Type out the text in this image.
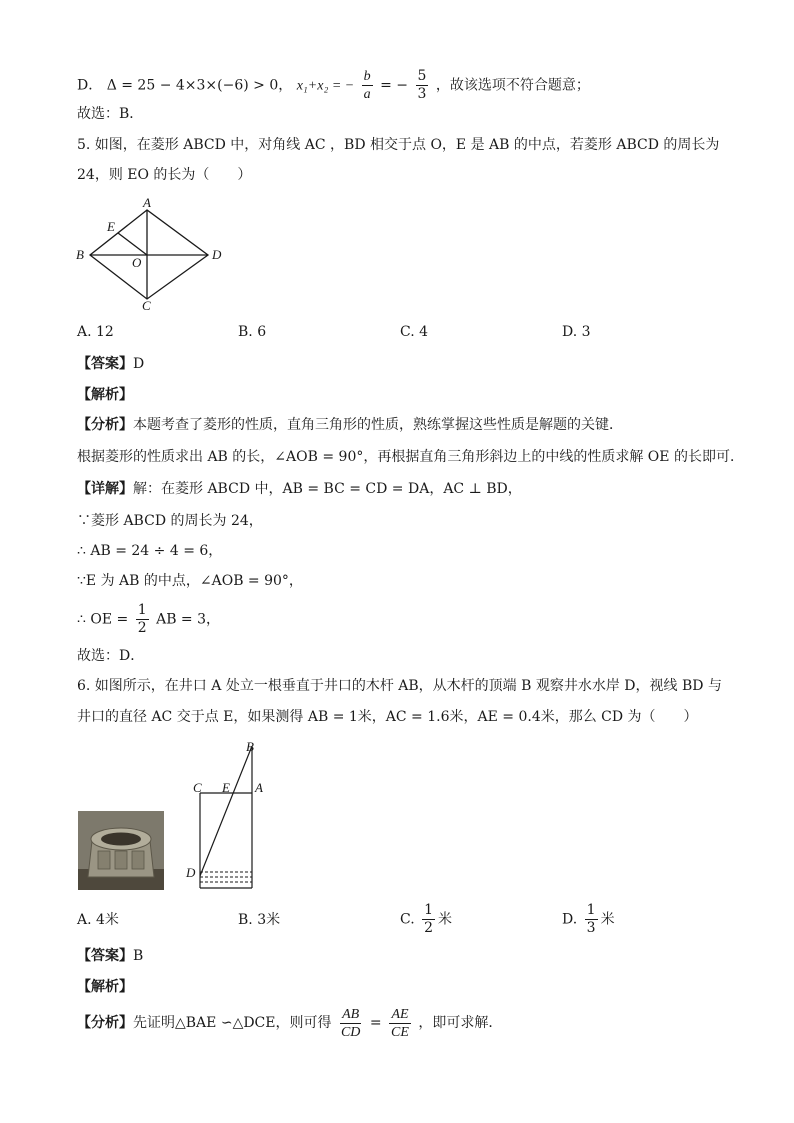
D． Δ = 25 − 4×3×(−6) > 0， x₁+x₂ = − $\frac{b}{a}$ = − $\frac{5}{3}$ ，故该选项不符合题意；
故选：B．
5. 如图，在菱形 ABCD 中，对角线 AC ，BD 相交于点 O，E 是 AB 的中点，若菱形 ABCD 的周长为
24，则 EO 的长为（　　）
A
B	D
C
E
O
A. 12	B. 6	C. 4	D. 3
【答案】D
【解析】
【分析】本题考查了菱形的性质，直角三角形的性质，熟练掌握这些性质是解题的关键．
根据菱形的性质求出 AB 的长，∠AOB = 90°，再根据直角三角形斜边上的中线的性质求解 OE 的长即可．
【详解】解：在菱形 ABCD 中，AB = BC = CD = DA，AC ⊥ BD，
∵菱形 ABCD 的周长为 24，
∴ AB = 24 ÷ 4 = 6，
∵E 为 AB 的中点，∠AOB = 90°，
∴ OE = $\frac{1}{2}$ AB = 3，
故选：D．
6. 如图所示，在井口 A 处立一根垂直于井口的木杆 AB，从木杆的顶端 B 观察井水水岸 D，视线 BD 与
井口的直径 AC 交于点 E，如果测得 AB = 1米，AC = 1.6米，AE = 0.4米，那么 CD 为（　　）
B
C E A
D
A. 4米	B. 3米	C. $\frac{1}{2}$ 米	D. $\frac{1}{3}$ 米
【答案】B
【解析】
【分析】先证明△BAE ∽△DCE，则可得 $\frac{AB}{CD} = \frac{AE}{CE}$ ，即可求解．
